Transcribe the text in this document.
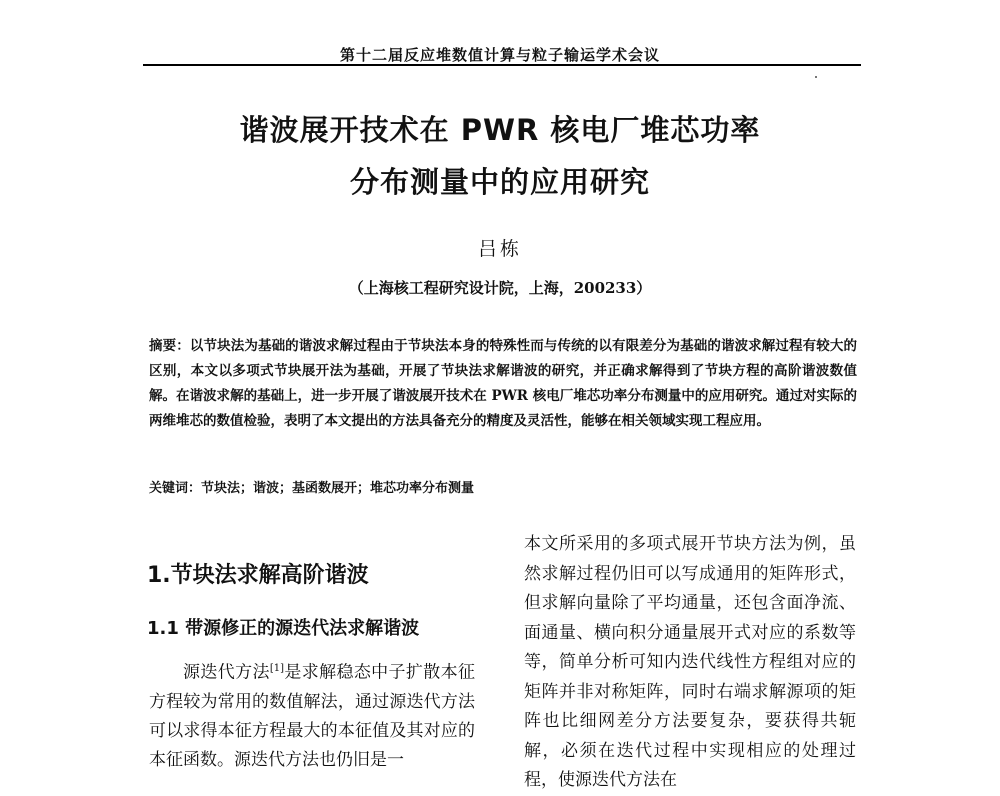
第十二届反应堆数值计算与粒子输运学术会议
谐波展开技术在 PWR 核电厂堆芯功率
分布测量中的应用研究
吕栋
（上海核工程研究设计院，上海，200233）
摘要：以节块法为基础的谐波求解过程由于节块法本身的特殊性而与传统的以有限差分为基础的谐波求解过程有较大的区别，本文以多项式节块展开法为基础，开展了节块法求解谐波的研究，并正确求解得到了节块方程的高阶谐波数值解。在谐波求解的基础上，进一步开展了谐波展开技术在 PWR 核电厂堆芯功率分布测量中的应用研究。通过对实际的两维堆芯的数值检验，表明了本文提出的方法具备充分的精度及灵活性，能够在相关领域实现工程应用。
关键词：节块法；谐波；基函数展开；堆芯功率分布测量
1.节块法求解高阶谐波
1.1 带源修正的源迭代法求解谐波
源迭代方法[1]是求解稳态中子扩散本征方程较为常用的数值解法，通过源迭代方法可以求得本征方程最大的本征值及其对应的本征函数。源迭代方法也仍旧是一
本文所采用的多项式展开节块方法为例，虽然求解过程仍旧可以写成通用的矩阵形式，但求解向量除了平均通量，还包含面净流、面通量、横向积分通量展开式对应的系数等等，简单分析可知内迭代线性方程组对应的矩阵并非对称矩阵，同时右端求解源项的矩阵也比细网差分方法要复杂，要获得共轭解，必须在迭代过程中实现相应的处理过程，使源迭代方法在
